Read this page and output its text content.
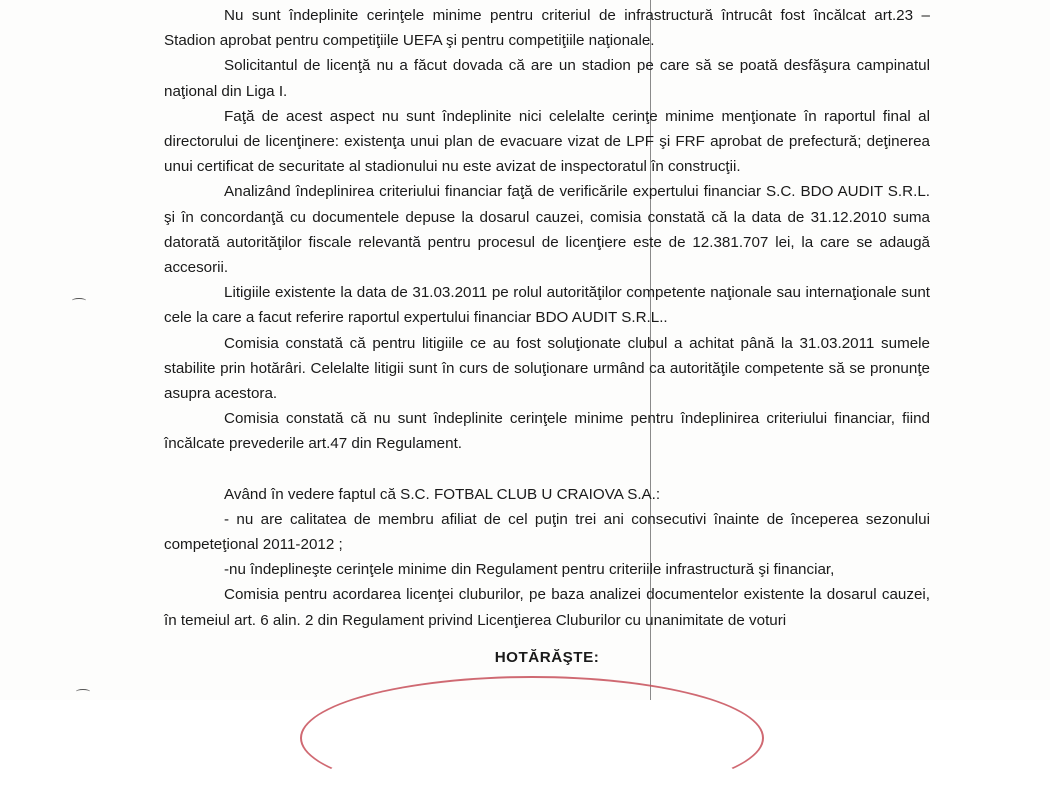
Nu sunt îndeplinite cerinţele minime pentru criteriul de infrastructură întrucât fost încălcat art.23 – Stadion aprobat pentru competiţiile UEFA şi pentru competiţiile naţionale.

Solicitantul de licenţă nu a făcut dovada că are un stadion pe care să se poată desfăşura campinatul naţional din Liga I.

Faţă de acest aspect nu sunt îndeplinite nici celelalte cerinţe minime menţionate în raportul final al directorului de licenţinere: existenţa unui plan de evacuare vizat de LPF şi FRF aprobat de prefectură; deţinerea unui certificat de securitate al stadionului nu este avizat de inspectoratul în construcţii.

Analizând îndeplinirea criteriului financiar faţă de verificările expertului financiar S.C. BDO AUDIT S.R.L. şi în concordanţă cu documentele depuse la dosarul cauzei, comisia constată că la data de 31.12.2010 suma datorată autorităţilor fiscale relevantă pentru procesul de licenţiere este de 12.381.707 lei, la care se adaugă accesorii.

Litigiile existente la data de 31.03.2011 pe rolul autorităţilor competente naţionale sau internaţionale sunt cele la care a facut referire raportul expertului financiar BDO AUDIT S.R.L..

Comisia constată că pentru litigiile ce au fost soluţionate clubul a achitat până la 31.03.2011 sumele stabilite prin hotărâri. Celelalte litigii sunt în curs de soluţionare urmând ca autorităţile competente să se pronunţe asupra acestora.

Comisia constată că nu sunt îndeplinite cerinţele minime pentru îndeplinirea criteriului financiar, fiind încălcate prevederile art.47 din Regulament.

Având în vedere faptul că S.C. FOTBAL CLUB U CRAIOVA S.A.:

- nu are calitatea de membru afiliat de cel puţin trei ani consecutivi înainte de începerea sezonului competeţional 2011-2012 ;

-nu îndeplineşte cerinţele minime din Regulament pentru criteriile infrastructură şi financiar,

Comisia pentru acordarea licenţei cluburilor, pe baza analizei documentelor existente la dosarul cauzei, în temeiul art. 6 alin. 2 din Regulament privind Licenţierea Cluburilor cu unanimitate de voturi

HOTĂRĂŞTE:
